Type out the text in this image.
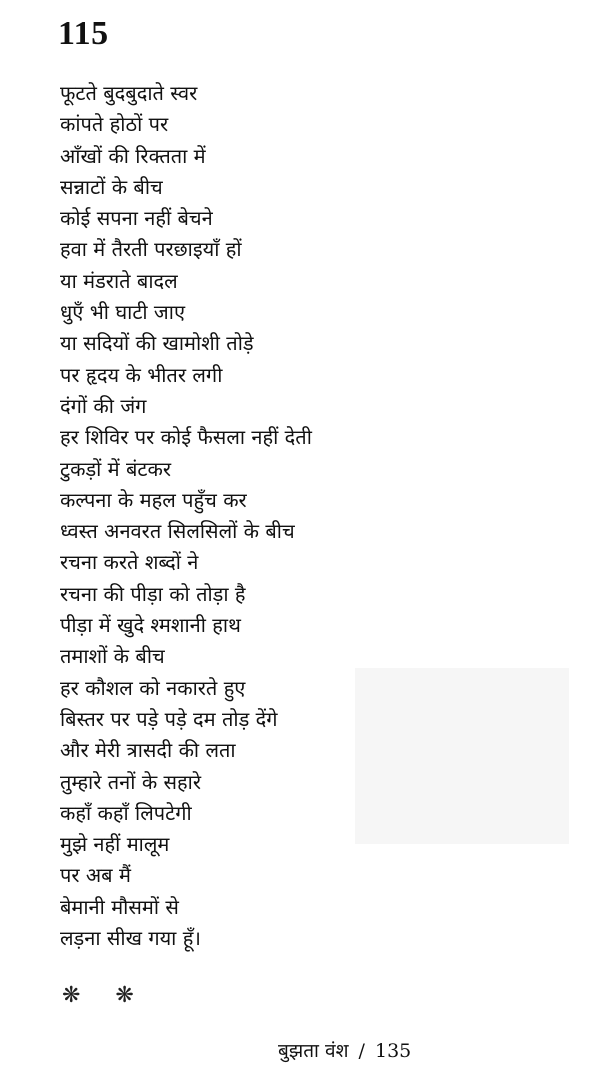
115
फूटते बुदबुदाते स्वर
कांपते होठों पर
आँखों की रिक्तता में
सन्नाटों के बीच
कोई सपना नहीं बेचने
हवा में तैरती परछाइयाँ हों
या मंडराते बादल
धुएँ भी घाटी जाए
या सदियों की खामोशी तोड़े
पर हृदय के भीतर लगी
दंगों की जंग
हर शिविर पर कोई फैसला नहीं देती
टुकड़ों में बंटकर
कल्पना के महल पहुँच कर
ध्वस्त अनवरत सिलसिलों के बीच
रचना करते शब्दों ने
रचना की पीड़ा को तोड़ा है
पीड़ा में खुदे श्मशानी हाथ
तमाशों के बीच
हर कौशल को नकारते हुए
बिस्तर पर पड़े पड़े दम तोड़ देंगे
और मेरी त्रासदी की लता
तुम्हारे तनों के सहारे
कहाँ कहाँ लिपटेगी
मुझे नहीं मालूम
पर अब मैं
बेमानी मौसमों से
लड़ना सीख गया हूँ।
❋ ❋
बुझता वंश / 135
